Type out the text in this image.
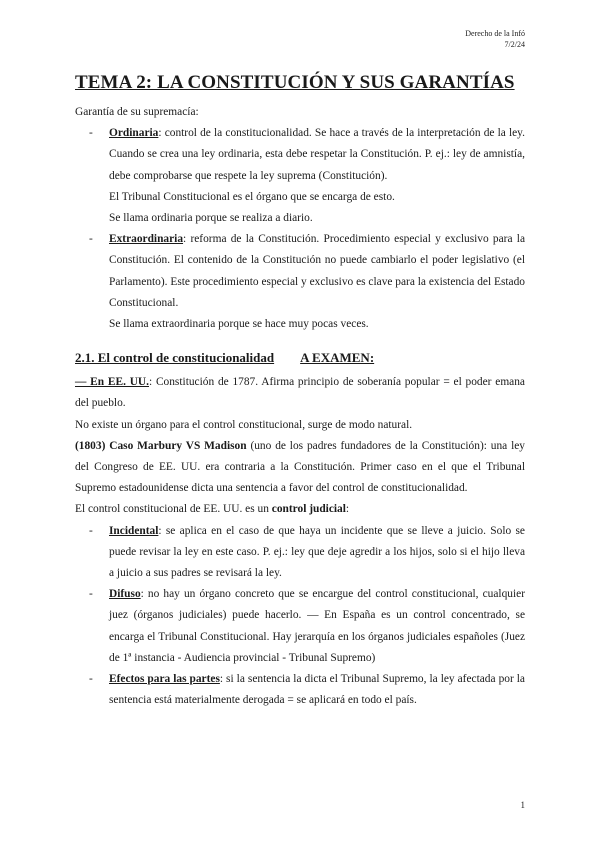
Derecho de la Infó
7/2/24
TEMA 2: LA CONSTITUCIÓN Y SUS GARANTÍAS

Garantía de su supremacía:

- Ordinaria: control de la constitucionalidad. Se hace a través de la interpretación de la ley. Cuando se crea una ley ordinaria, esta debe respetar la Constitución. P. ej.: ley de amnistía, debe comprobarse que respete la ley suprema (Constitución).

El Tribunal Constitucional es el órgano que se encarga de esto.

Se llama ordinaria porque se realiza a diario.

- Extraordinaria: reforma de la Constitución. Procedimiento especial y exclusivo para la Constitución. El contenido de la Constitución no puede cambiarlo el poder legislativo (el Parlamento). Este procedimiento especial y exclusivo es clave para la existencia del Estado Constitucional.

Se llama extraordinaria porque se hace muy pocas veces.

2.1. El control de constitucionalidad A EXAMEN:

— En EE. UU.: Constitución de 1787. Afirma principio de soberanía popular = el poder emana del pueblo.

No existe un órgano para el control constitucional, surge de modo natural.

(1803) Caso Marbury VS Madison (uno de los padres fundadores de la Constitución): una ley del Congreso de EE. UU. era contraria a la Constitución. Primer caso en el que el Tribunal Supremo estadounidense dicta una sentencia a favor del control de constitucionalidad.

El control constitucional de EE. UU. es un control judicial:

- Incidental: se aplica en el caso de que haya un incidente que se lleve a juicio. Solo se puede revisar la ley en este caso. P. ej.: ley que deje agredir a los hijos, solo si el hijo lleva a juicio a sus padres se revisará la ley.
- Difuso: no hay un órgano concreto que se encargue del control constitucional, cualquier juez (órganos judiciales) puede hacerlo. — En España es un control concentrado, se encarga el Tribunal Constitucional. Hay jerarquía en los órganos judiciales españoles (Juez de 1ª instancia - Audiencia provincial - Tribunal Supremo)
- Efectos para las partes: si la sentencia la dicta el Tribunal Supremo, la ley afectada por la sentencia está materialmente derogada = se aplicará en todo el país.
1
